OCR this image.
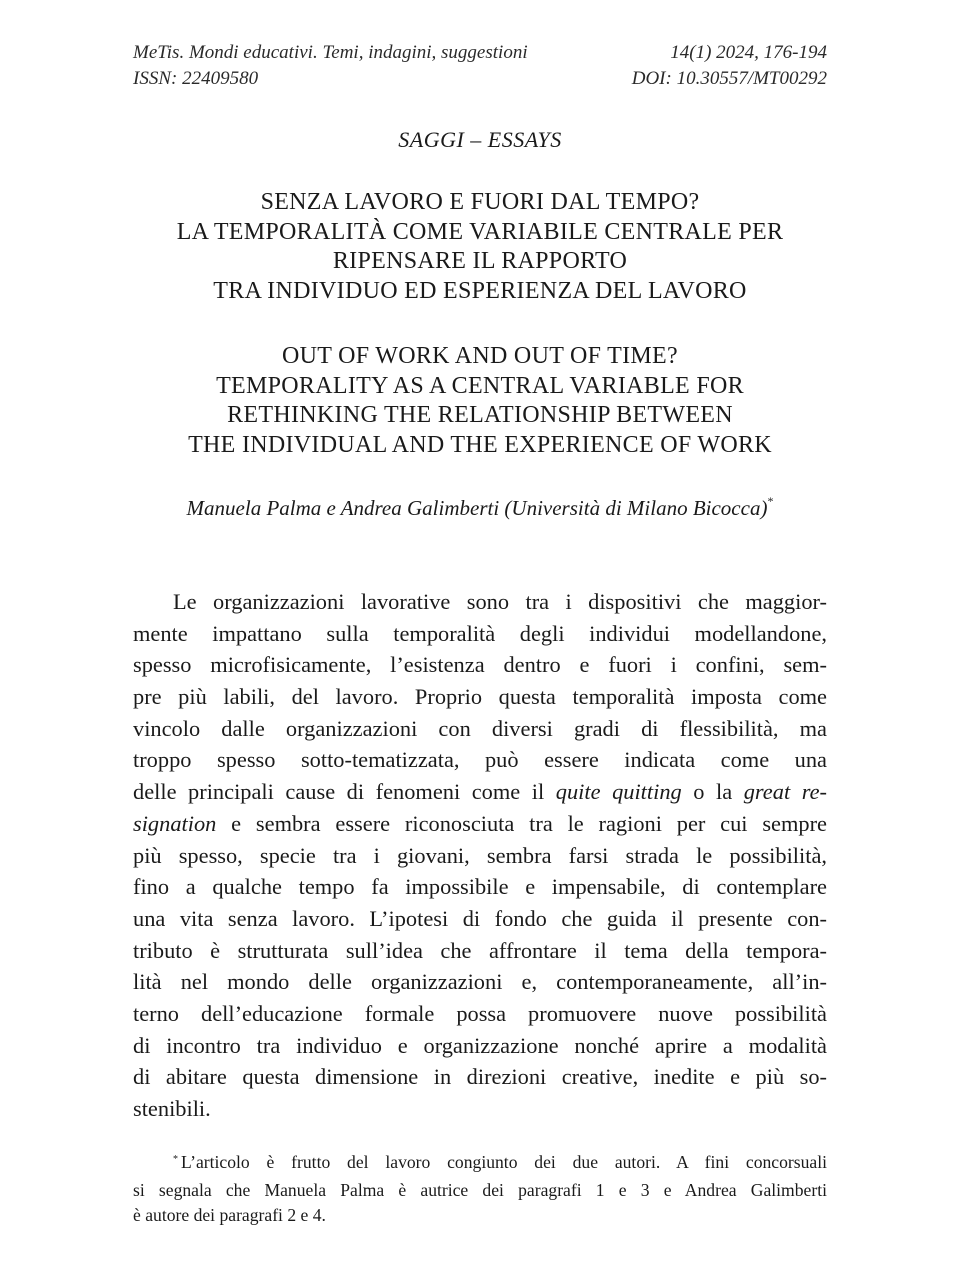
MeTis. Mondi educativi. Temi, indagini, suggestioni	14(1) 2024, 176-194
ISSN: 22409580	DOI: 10.30557/MT00292
SAGGI – ESSAYS
SENZA LAVORO E FUORI DAL TEMPO?
LA TEMPORALITÀ COME VARIABILE CENTRALE PER
RIPENSARE IL RAPPORTO
TRA INDIVIDUO ED ESPERIENZA DEL LAVORO
OUT OF WORK AND OUT OF TIME?
TEMPORALITY AS A CENTRAL VARIABLE FOR
RETHINKING THE RELATIONSHIP BETWEEN
THE INDIVIDUAL AND THE EXPERIENCE OF WORK
Manuela Palma e Andrea Galimberti (Università di Milano Bicocca)*
Le organizzazioni lavorative sono tra i dispositivi che maggior-
mente impattano sulla temporalità degli individui modellandone,
spesso microfisicamente, l’esistenza dentro e fuori i confini, sem-
pre più labili, del lavoro. Proprio questa temporalità imposta come
vincolo dalle organizzazioni con diversi gradi di flessibilità, ma
troppo spesso sotto-tematizzata, può essere indicata come una
delle principali cause di fenomeni come il quite quitting o la great re-
signation e sembra essere riconosciuta tra le ragioni per cui sempre
più spesso, specie tra i giovani, sembra farsi strada le possibilità,
fino a qualche tempo fa impossibile e impensabile, di contemplare
una vita senza lavoro. L’ipotesi di fondo che guida il presente con-
tributo è strutturata sull’idea che affrontare il tema della tempora-
lità nel mondo delle organizzazioni e, contemporaneamente, all’in-
terno dell’educazione formale possa promuovere nuove possibilità
di incontro tra individuo e organizzazione nonché aprire a modalità
di abitare questa dimensione in direzioni creative, inedite e più so-
stenibili.
* L’articolo è frutto del lavoro congiunto dei due autori. A fini concorsuali
si segnala che Manuela Palma è autrice dei paragrafi 1 e 3 e Andrea Galimberti
è autore dei paragrafi 2 e 4.
